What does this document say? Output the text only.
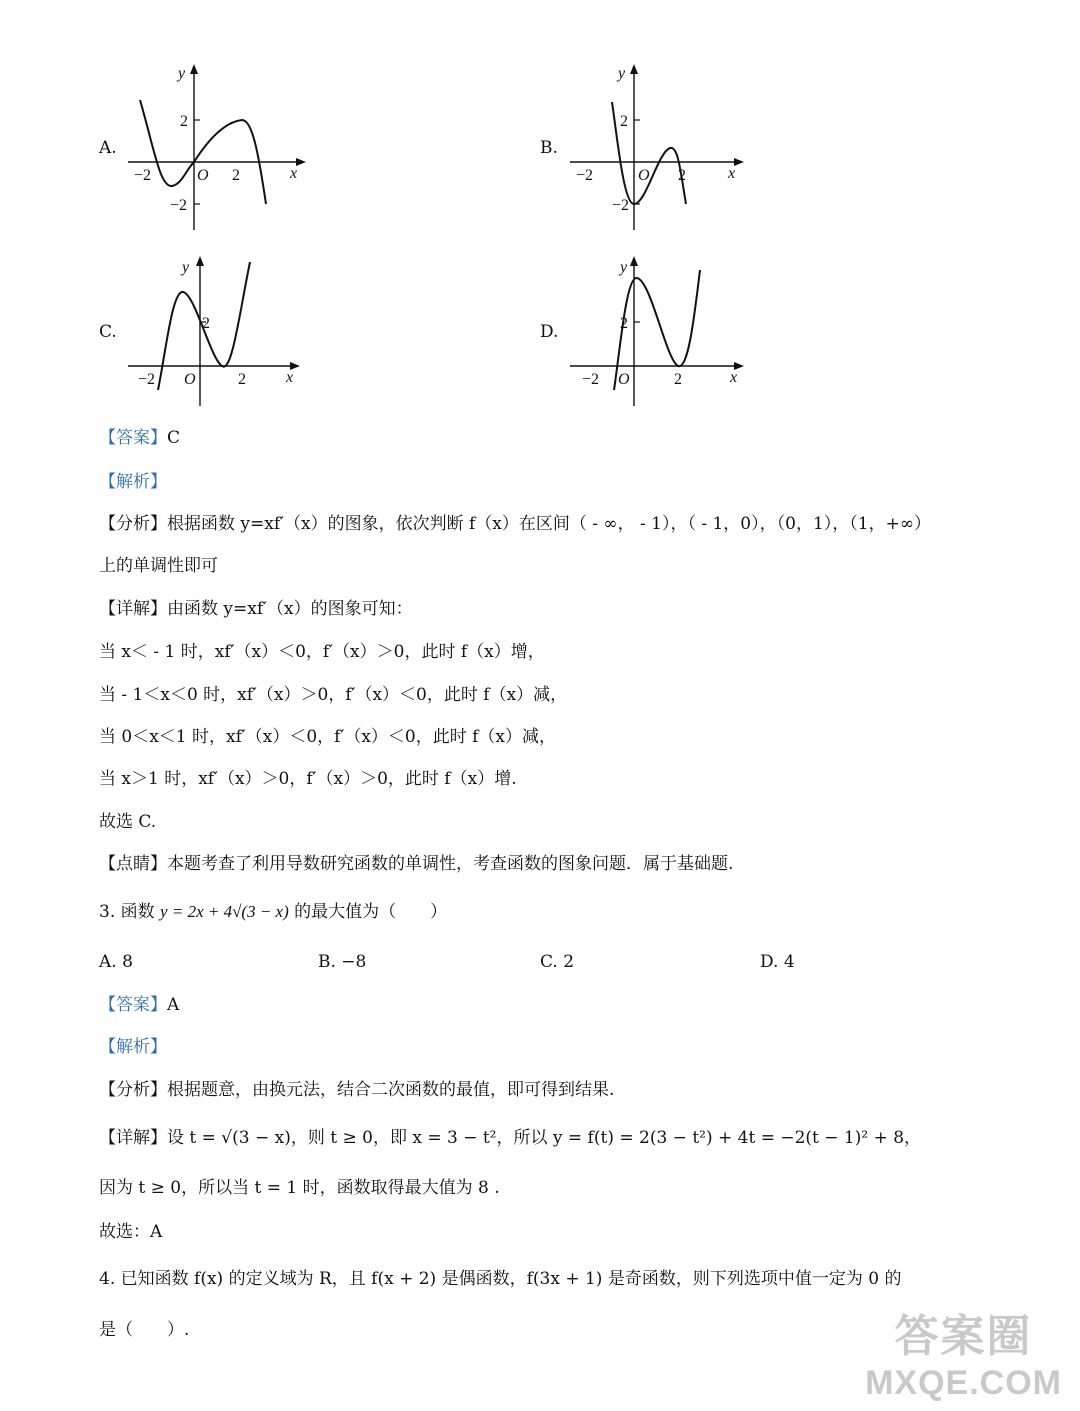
A.	B.
C.	D.
y
x
O
−2	2
2
−2
y
x
O
−2	2
2
−2
y
x
O
−2	2
2
y
x
O
−2	2
2
【答案】C
【解析】
【分析】根据函数 y=xf′（x）的图象，依次判断 f（x）在区间（ - ∞， - 1），（ - 1，0），（0，1），（1，+∞）
上的单调性即可
【详解】由函数 y=xf′（x）的图象可知：
当 x＜ - 1 时，xf′（x）＜0，f′（x）＞0，此时 f（x）增，
当 - 1＜x＜0 时，xf′（x）＞0，f′（x）＜0，此时 f（x）减，
当 0＜x＜1 时，xf′（x）＜0，f′（x）＜0，此时 f（x）减，
当 x＞1 时，xf′（x）＞0，f′（x）＞0，此时 f（x）增.
故选 C.
【点睛】本题考查了利用导数研究函数的单调性，考查函数的图象问题．属于基础题.
3. 函数 y = 2x + 4√(3 − x) 的最大值为（　　）
A. 8	B. −8	C. 2	D. 4
【答案】A
【解析】
【分析】根据题意，由换元法，结合二次函数的最值，即可得到结果.
【详解】设 t = √(3 − x)，则 t ≥ 0，即 x = 3 − t²，所以 y = f(t) = 2(3 − t²) + 4t = −2(t − 1)² + 8，
因为 t ≥ 0，所以当 t = 1 时，函数取得最大值为 8 .
故选：A
4. 已知函数 f(x) 的定义域为 R，且 f(x + 2) 是偶函数，f(3x + 1) 是奇函数，则下列选项中值一定为 0 的
是（　　）.	答案圈
MXQE.COM
